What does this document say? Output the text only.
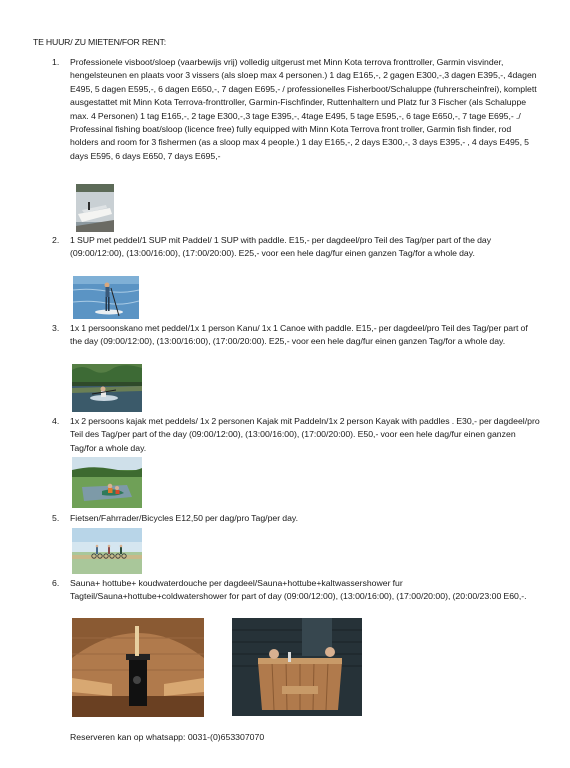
TE HUUR/ ZU MIETEN/FOR RENT:
1. Professionele visboot/sloep (vaarbewijs vrij) volledig uitgerust met Minn Kota terrova fronttroller, Garmin visvinder, hengelsteunen en plaats voor 3 vissers (als sloep max 4 personen.) 1 dag E165,-, 2 gagen E300,-,3 dagen E395,-, 4dagen E495, 5 dagen E595,-, 6 dagen E650,-, 7 dagen E695,- / professionelles Fisherboot/Schaluppe (fuhrerscheinfrei), komplett ausgestattet mit Minn Kota Terrova-fronttroller, Garmin-Fischfinder, Ruttenhaltern und Platz fur 3 Fischer (als Schaluppe max. 4 Personen) 1 tag E165,-, 2 tage E300,-,3 tage E395,-, 4tage E495, 5 tage E595,-, 6 tage E650,-, 7 tage E695,- ./ Professinal fishing boat/sloop (licence free) fully equipped with Minn Kota Terrova front troller, Garmin fish finder, rod holders and room for 3 fishermen (as a sloop max 4 people.) 1 day E165,-, 2 days E300,-, 3 days E395,- , 4 days E495, 5 days E595, 6 days E650, 7 days E695,-
2. 1 SUP met peddel/1 SUP mit Paddel/ 1 SUP with paddle. E15,- per dagdeel/pro Teil des Tag/per part of the day (09:00/12:00), (13:00/16:00), (17:00/20:00). E25,- voor een hele dag/fur einen ganzen Tag/for a whole day.
3. 1x 1 persoonskano met peddel/1x 1 person Kanu/ 1x 1 Canoe with paddle. E15,- per dagdeel/pro Teil des Tag/per part of the day (09:00/12:00), (13:00/16:00), (17:00/20:00). E25,- voor een hele dag/fur einen ganzen Tag/for a whole day.
4. 1x 2 persoons kajak met peddels/ 1x 2 personen Kajak mit Paddeln/1x 2 person Kayak with paddles . E30,- per dagdeel/pro Teil des Tag/per part of the day (09:00/12:00), (13:00/16:00), (17:00/20:00). E50,- voor een hele dag/fur einen ganzen Tag/for a whole day.
5. Fietsen/Fahrrader/Bicycles E12,50 per dag/pro Tag/per day.
6. Sauna+ hottube+ koudwaterdouche per dagdeel/Sauna+hottube+kaltwassershower fur Tagteil/Sauna+hottube+coldwatershower for part of day (09:00/12:00), (13:00/16:00), (17:00/20:00), (20:00/23:00 E60,-.
Reserveren kan op whatsapp: 0031-(0)653307070
